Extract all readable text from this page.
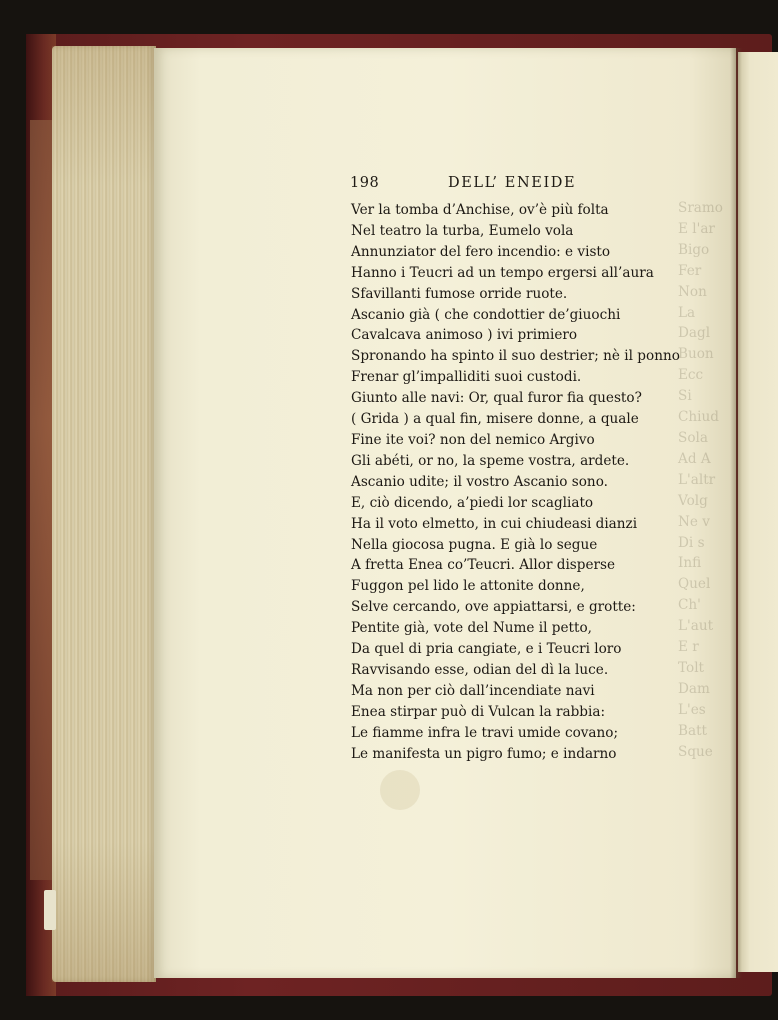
Sramo
E l'ar
Bigo
Fer
Non
La
Dagl
Buon
Ecc
Si
Chiud
Sola
Ad A
L'altr
Volg
Ne v
Di s
Infi
Quel
Ch'
L'aut
E r
Tolt
Dam
L'es
Batt
Sque
198	DELL’ ENEIDE
Ver la tomba d’Anchise, ov’è più folta
Nel teatro la turba, Eumelo vola
Annunziator del fero incendio: e visto
Hanno i Teucri ad un tempo ergersi all’aura
Sfavillanti fumose orride ruote.
Ascanio già ( che condottier de’giuochi
Cavalcava animoso ) ivi primiero
Spronando ha spinto il suo destrier; nè il ponno
Frenar gl’impalliditi suoi custodi.
Giunto alle navi: Or, qual furor fia questo?
( Grida ) a qual fin, misere donne, a quale
Fine ite voi? non del nemico Argivo
Gli abéti, or no, la speme vostra, ardete.
Ascanio udite; il vostro Ascanio sono.
E, ciò dicendo, a’piedi lor scagliato
Ha il voto elmetto, in cui chiudeasi dianzi
Nella giocosa pugna. E già lo segue
A fretta Enea co’Teucri. Allor disperse
Fuggon pel lido le attonite donne,
Selve cercando, ove appiattarsi, e grotte:
Pentite già, vote del Nume il petto,
Da quel di pria cangiate, e i Teucri loro
Ravvisando esse, odian del dì la luce.
Ma non per ciò dall’incendiate navi
Enea stirpar può di Vulcan la rabbia:
Le fiamme infra le travi umide covano;
Le manifesta un pigro fumo; e indarno
